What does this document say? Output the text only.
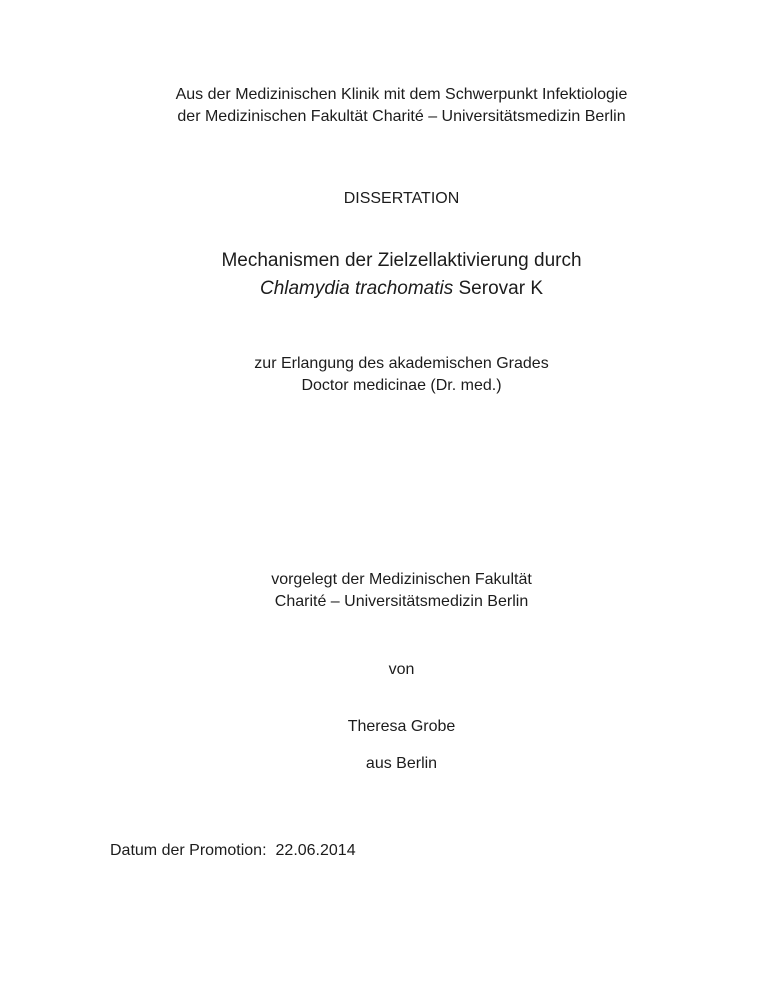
Aus der Medizinischen Klinik mit dem Schwerpunkt Infektiologie
der Medizinischen Fakultät Charité – Universitätsmedizin Berlin
DISSERTATION
Mechanismen der Zielzellaktivierung durch
Chlamydia trachomatis Serovar K
zur Erlangung des akademischen Grades
Doctor medicinae (Dr. med.)
vorgelegt der Medizinischen Fakultät
Charité – Universitätsmedizin Berlin
von
Theresa Grobe
aus Berlin
Datum der Promotion: 22.06.2014
